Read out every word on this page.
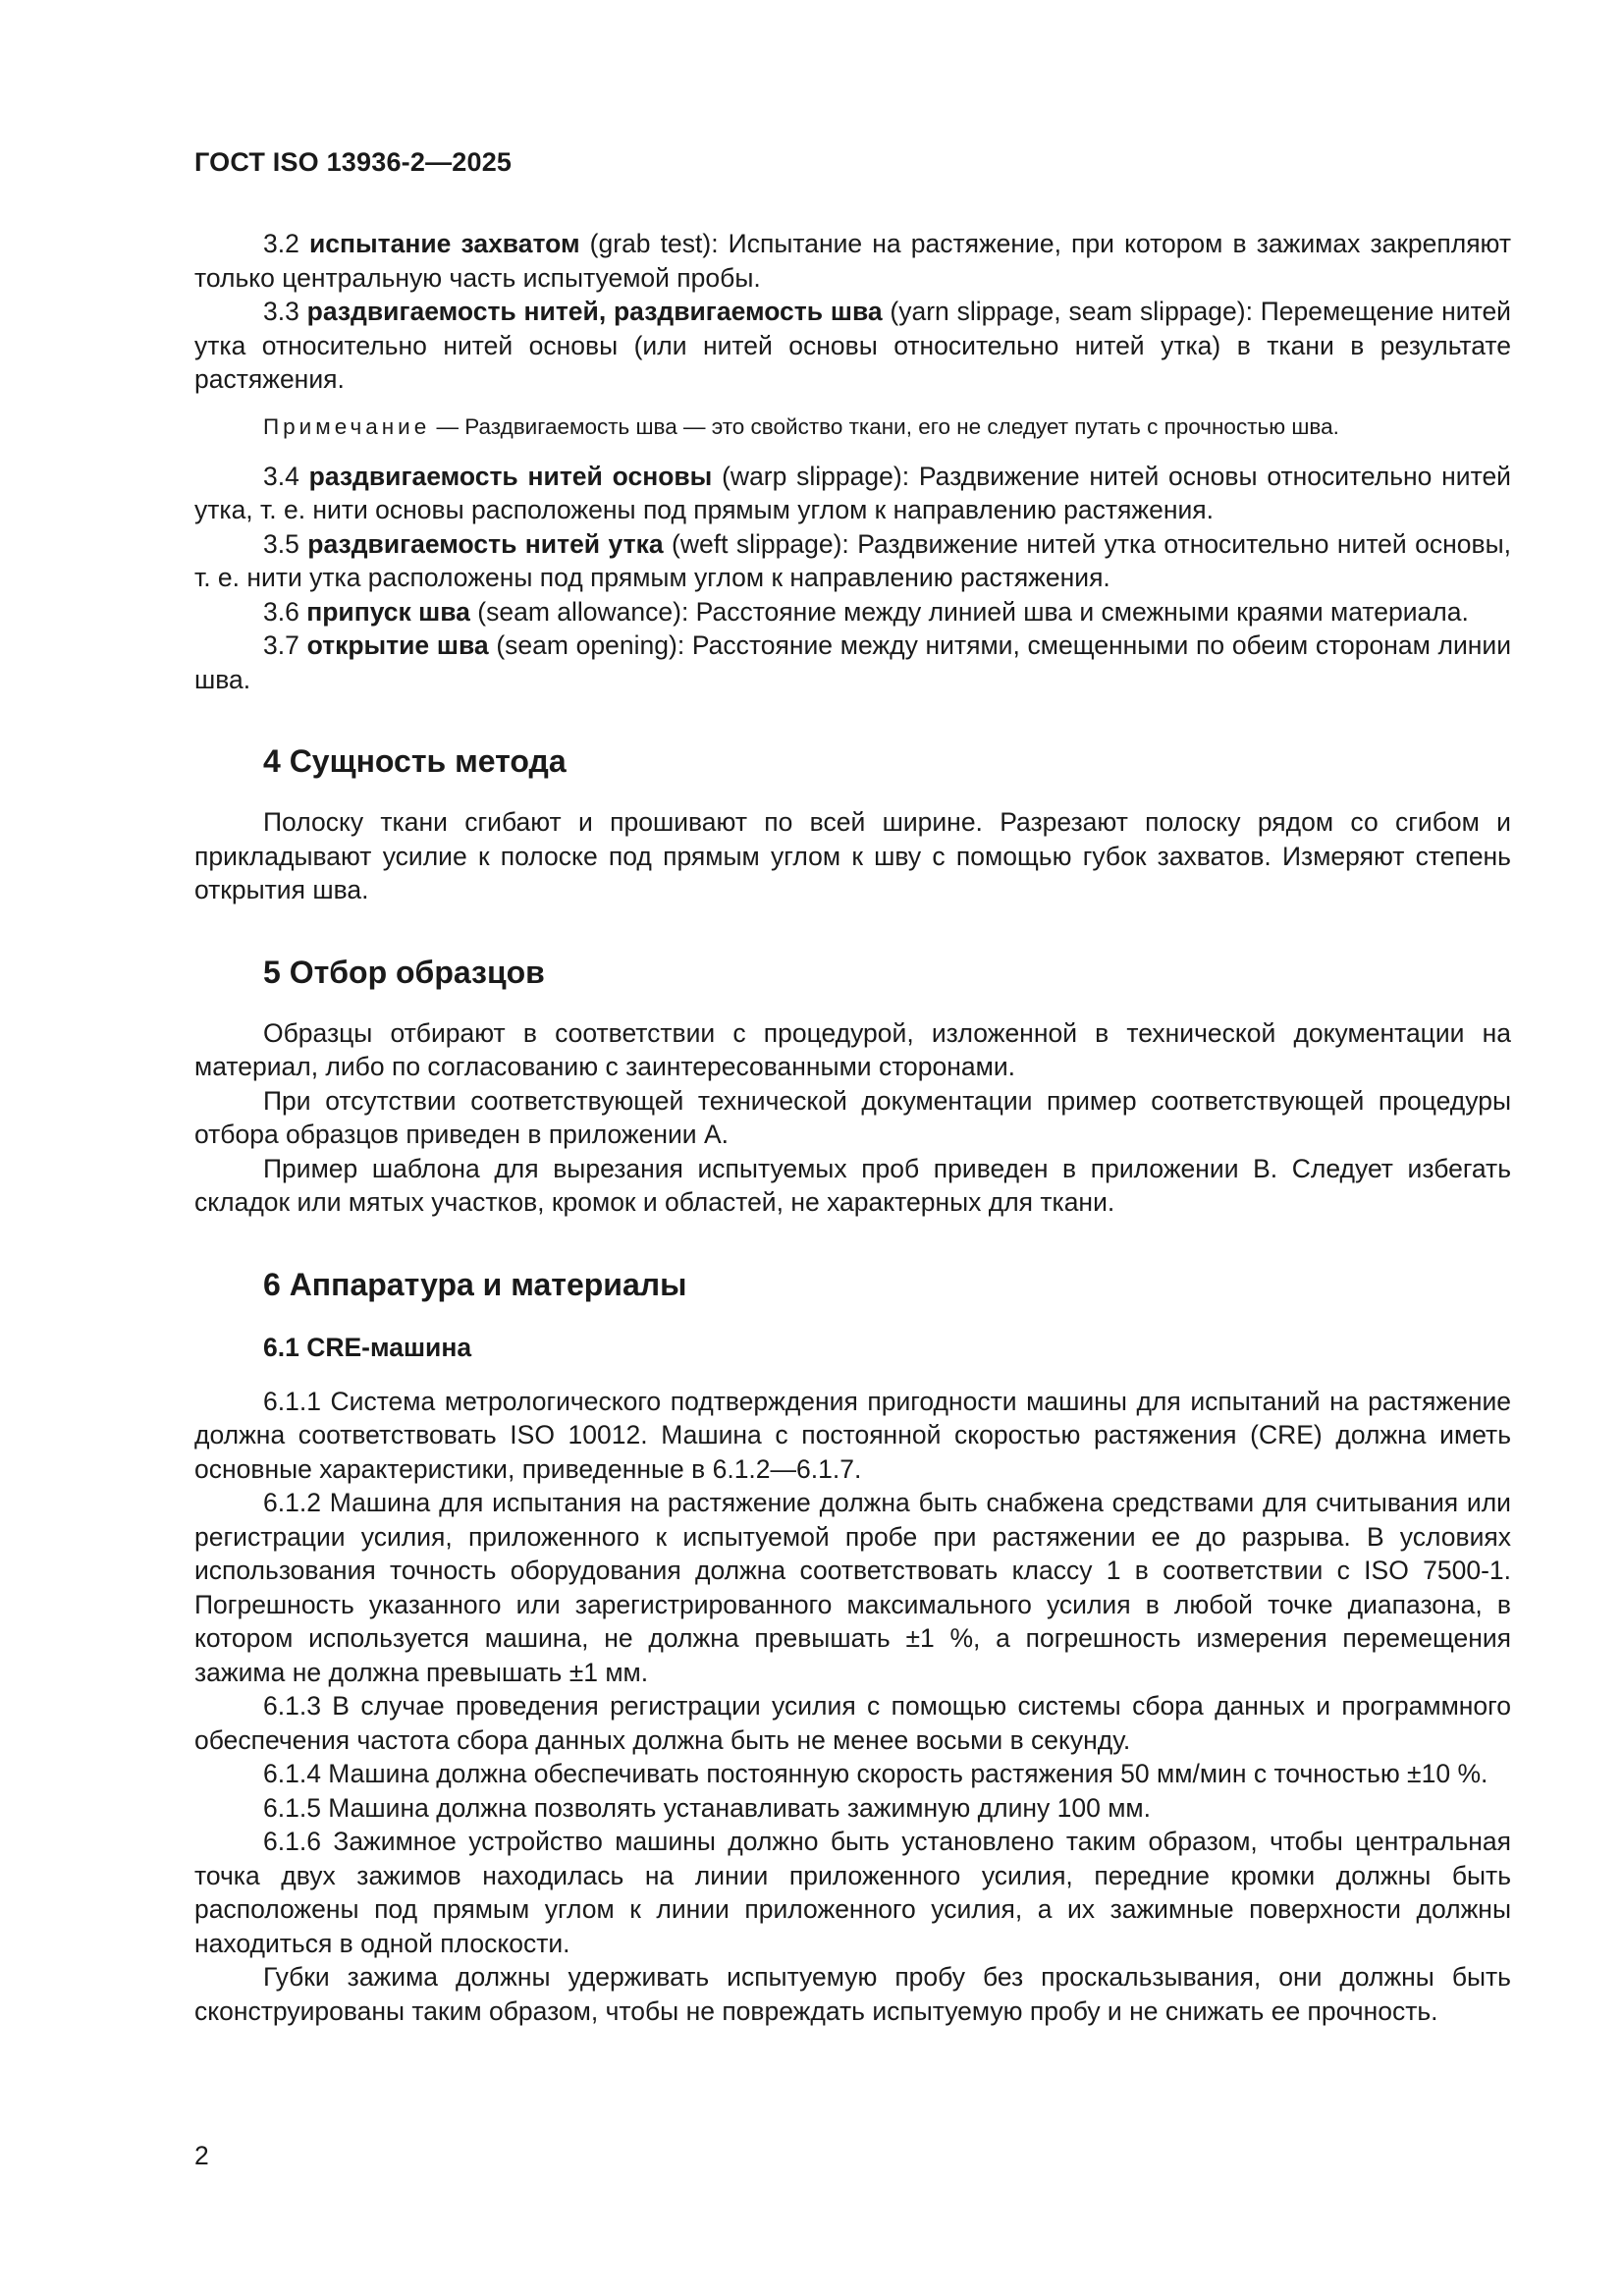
ГОСТ ISO 13936-2—2025

3.2 испытание захватом (grab test): Испытание на растяжение, при котором в зажимах закрепляют только центральную часть испытуемой пробы.

3.3 раздвигаемость нитей, раздвигаемость шва (yarn slippage, seam slippage): Перемещение нитей утка относительно нитей основы (или нитей основы относительно нитей утка) в ткани в результате растяжения.

Примечание — Раздвигаемость шва — это свойство ткани, его не следует путать с прочностью шва.

3.4 раздвигаемость нитей основы (warp slippage): Раздвижение нитей основы относительно нитей утка, т. е. нити основы расположены под прямым углом к направлению растяжения.

3.5 раздвигаемость нитей утка (weft slippage): Раздвижение нитей утка относительно нитей основы, т. е. нити утка расположены под прямым углом к направлению растяжения.

3.6 припуск шва (seam allowance): Расстояние между линией шва и смежными краями материала.

3.7 открытие шва (seam opening): Расстояние между нитями, смещенными по обеим сторонам линии шва.

4 Сущность метода

Полоску ткани сгибают и прошивают по всей ширине. Разрезают полоску рядом со сгибом и прикладывают усилие к полоске под прямым углом к шву с помощью губок захватов. Измеряют степень открытия шва.

5 Отбор образцов

Образцы отбирают в соответствии с процедурой, изложенной в технической документации на материал, либо по согласованию с заинтересованными сторонами.

При отсутствии соответствующей технической документации пример соответствующей процедуры отбора образцов приведен в приложении А.

Пример шаблона для вырезания испытуемых проб приведен в приложении В. Следует избегать складок или мятых участков, кромок и областей, не характерных для ткани.

6 Аппаратура и материалы
6.1 CRE-машина

6.1.1 Система метрологического подтверждения пригодности машины для испытаний на растяжение должна соответствовать ISO 10012. Машина с постоянной скоростью растяжения (CRE) должна иметь основные характеристики, приведенные в 6.1.2—6.1.7.

6.1.2 Машина для испытания на растяжение должна быть снабжена средствами для считывания или регистрации усилия, приложенного к испытуемой пробе при растяжении ее до разрыва. В условиях использования точность оборудования должна соответствовать классу 1 в соответствии с ISO 7500-1. Погрешность указанного или зарегистрированного максимального усилия в любой точке диапазона, в котором используется машина, не должна превышать ±1 %, а погрешность измерения перемещения зажима не должна превышать ±1 мм.

6.1.3 В случае проведения регистрации усилия с помощью системы сбора данных и программного обеспечения частота сбора данных должна быть не менее восьми в секунду.

6.1.4 Машина должна обеспечивать постоянную скорость растяжения 50 мм/мин с точностью ±10 %.

6.1.5 Машина должна позволять устанавливать зажимную длину 100 мм.

6.1.6 Зажимное устройство машины должно быть установлено таким образом, чтобы центральная точка двух зажимов находилась на линии приложенного усилия, передние кромки должны быть расположены под прямым углом к линии приложенного усилия, а их зажимные поверхности должны находиться в одной плоскости.

Губки зажима должны удерживать испытуемую пробу без проскальзывания, они должны быть сконструированы таким образом, чтобы не повреждать испытуемую пробу и не снижать ее прочность.

2
